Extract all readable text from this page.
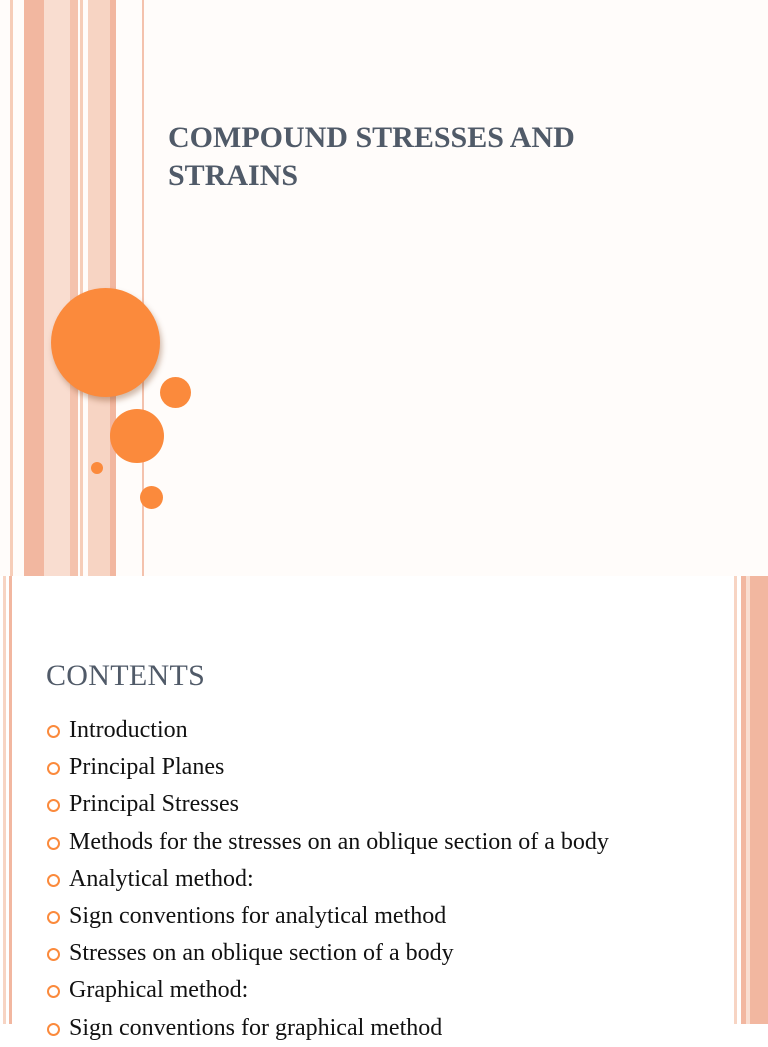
COMPOUND STRESSES AND
STRAINS
CONTENTS
Introduction
Principal Planes
Principal Stresses
Methods for the stresses on an oblique section of a body
Analytical method:
Sign conventions for analytical method
Stresses on an oblique section of a body
Graphical method:
Sign conventions for graphical method
